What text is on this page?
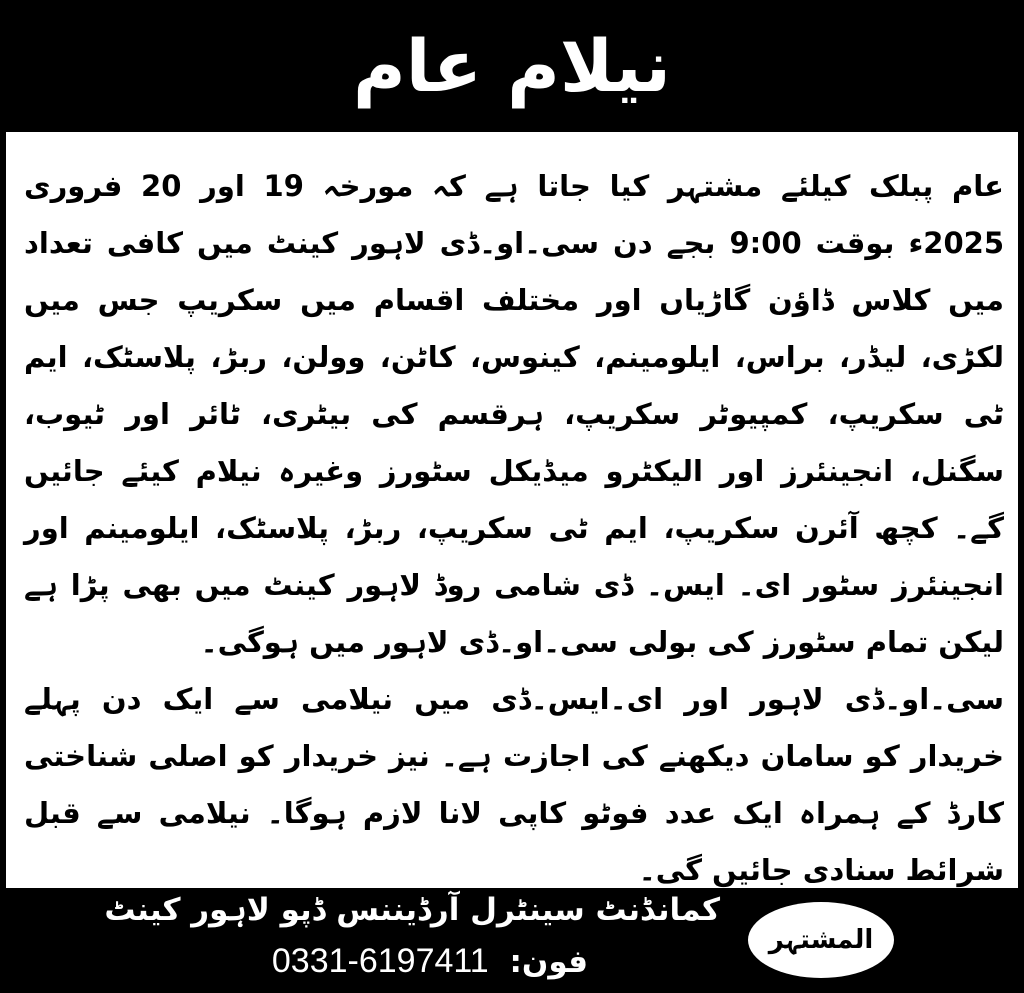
نیلام عام

عام پبلک کیلئے مشتہر کیا جاتا ہے کہ مورخہ 19 اور 20 فروری 2025ء بوقت 9:00 بجے دن سی۔او۔ڈی لاہور کینٹ میں کافی تعداد میں کلاس ڈاؤن گاڑیاں اور مختلف اقسام میں سکریپ جس میں لکڑی، لیڈر، براس، ایلومینم، کینوس، کاٹن، وولن، ربڑ، پلاسٹک، ایم ٹی سکریپ، کمپیوٹر سکریپ، ہرقسم کی بیٹری، ٹائر اور ٹیوب، سگنل، انجینئرز اور الیکٹرو میڈیکل سٹورز وغیرہ نیلام کیئے جائیں گے۔ کچھ آئرن سکریپ، ایم ٹی سکریپ، ربڑ، پلاسٹک، ایلومینم اور انجینئرز سٹور ای۔ ایس۔ ڈی شامی روڈ لاہور کینٹ میں بھی پڑا ہے لیکن تمام سٹورز کی بولی سی۔او۔ڈی لاہور میں ہوگی۔

سی۔او۔ڈی لاہور اور ای۔ایس۔ڈی میں نیلامی سے ایک دن پہلے خریدار کو سامان دیکھنے کی اجازت ہے۔ نیز خریدار کو اصلی شناختی کارڈ کے ہمراہ ایک عدد فوٹو کاپی لانا لازم ہوگا۔ نیلامی سے قبل شرائط سنادی جائیں گی۔

المشتہر
کمانڈنٹ سینٹرل آرڈیننس ڈپو لاہور کینٹ
فون: 0331-6197411
